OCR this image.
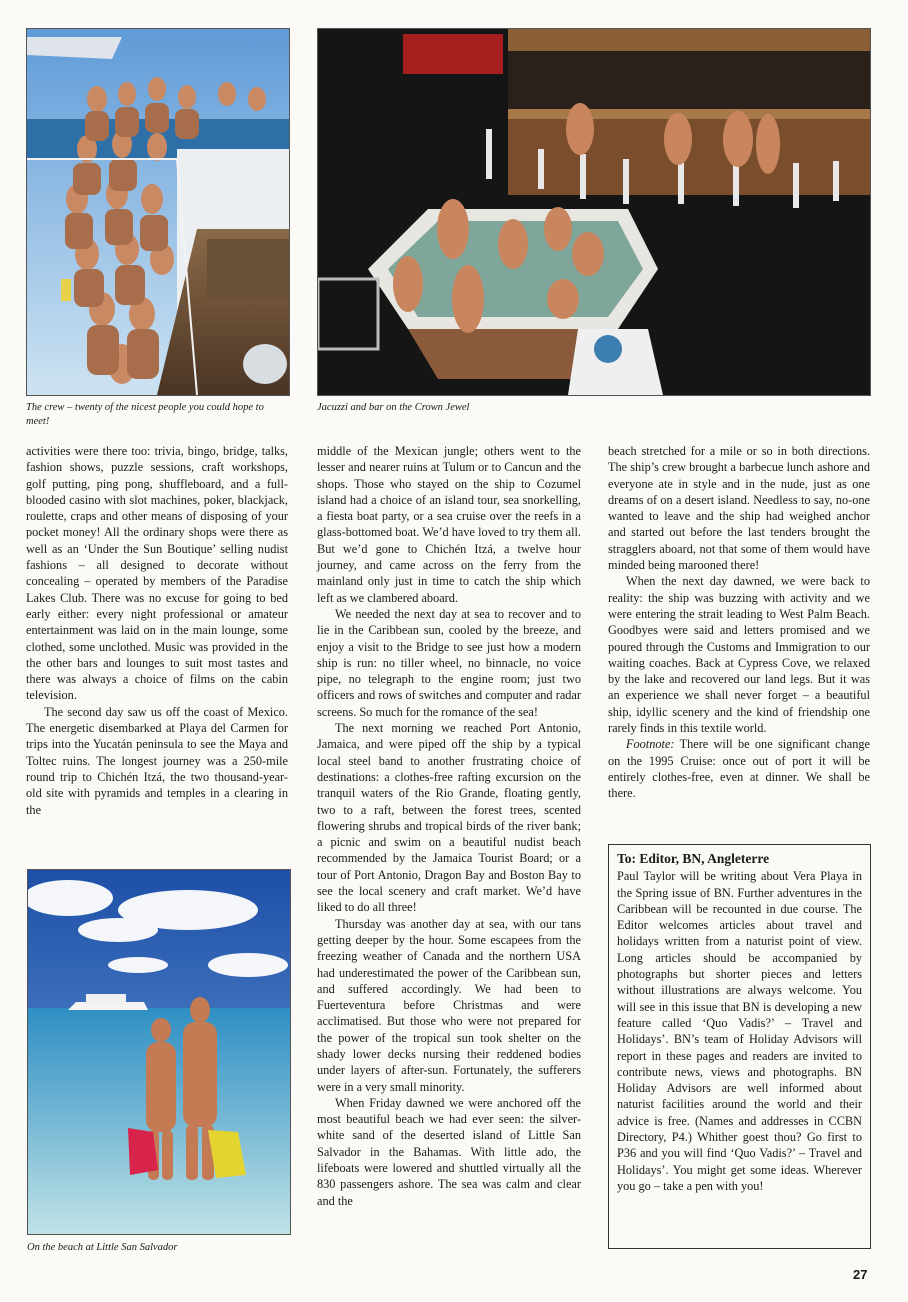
The crew – twenty of the nicest people you could hope to meet!
Jacuzzi and bar on the Crown Jewel
On the beach at Little San Salvador

activities were there too: trivia, bingo, bridge, talks, fashion shows, puzzle sessions, craft workshops, golf putting, ping pong, shuffleboard, and a full-blooded casino with slot machines, poker, blackjack, roulette, craps and other means of disposing of your pocket money! All the ordinary shops were there as well as an ‘Under the Sun Boutique’ selling nudist fashions – all designed to decorate without concealing – operated by members of the Paradise Lakes Club. There was no excuse for going to bed early either: every night professional or amateur entertainment was laid on in the main lounge, some clothed, some unclothed. Music was provided in the the other bars and lounges to suit most tastes and there was always a choice of films on the cabin television.

The second day saw us off the coast of Mexico. The energetic disembarked at Playa del Carmen for trips into the Yucatán peninsula to see the Maya and Toltec ruins. The longest journey was a 250-mile round trip to Chichén Itzá, the two thousand-year-old site with pyramids and temples in a clearing in the

middle of the Mexican jungle; others went to the lesser and nearer ruins at Tulum or to Cancun and the shops. Those who stayed on the ship to Cozumel island had a choice of an island tour, sea snorkelling, a fiesta boat party, or a sea cruise over the reefs in a glass-bottomed boat. We’d have loved to try them all. But we’d gone to Chichén Itzá, a twelve hour journey, and came across on the ferry from the mainland only just in time to catch the ship which left as we clambered aboard.

We needed the next day at sea to recover and to lie in the Caribbean sun, cooled by the breeze, and enjoy a visit to the Bridge to see just how a modern ship is run: no tiller wheel, no binnacle, no voice pipe, no telegraph to the engine room; just two officers and rows of switches and computer and radar screens. So much for the romance of the sea!

The next morning we reached Port Antonio, Jamaica, and were piped off the ship by a typical local steel band to another frustrating choice of destinations: a clothes-free rafting excursion on the tranquil waters of the Rio Grande, floating gently, two to a raft, between the forest trees, scented flowering shrubs and tropical birds of the river bank; a picnic and swim on a beautiful nudist beach recommended by the Jamaica Tourist Board; or a tour of Port Antonio, Dragon Bay and Boston Bay to see the local scenery and craft market. We’d have liked to do all three!

Thursday was another day at sea, with our tans getting deeper by the hour. Some escapees from the freezing weather of Canada and the northern USA had underestimated the power of the Caribbean sun, and suffered accordingly. We had been to Fuerteventura before Christmas and were acclimatised. But those who were not prepared for the power of the tropical sun took shelter on the shady lower decks nursing their reddened bodies under layers of after-sun. Fortunately, the sufferers were in a very small minority.

When Friday dawned we were anchored off the most beautiful beach we had ever seen: the silver-white sand of the deserted island of Little San Salvador in the Bahamas. With little ado, the lifeboats were lowered and shuttled virtually all the 830 passengers ashore. The sea was calm and clear and the

beach stretched for a mile or so in both directions. The ship’s crew brought a barbecue lunch ashore and everyone ate in style and in the nude, just as one dreams of on a desert island. Needless to say, no-one wanted to leave and the ship had weighed anchor and started out before the last tenders brought the stragglers aboard, not that some of them would have minded being marooned there!

When the next day dawned, we were back to reality: the ship was buzzing with activity and we were entering the strait leading to West Palm Beach. Goodbyes were said and letters promised and we poured through the Customs and Immigration to our waiting coaches. Back at Cypress Cove, we relaxed by the lake and recovered our land legs. But it was an experience we shall never forget – a beautiful ship, idyllic scenery and the kind of friendship one rarely finds in this textile world.

Footnote: There will be one significant change on the 1995 Cruise: once out of port it will be entirely clothes-free, even at dinner. We shall be there.

To: Editor, BN, Angleterre
Paul Taylor will be writing about Vera Playa in the Spring issue of BN. Further adventures in the Caribbean will be recounted in due course. The Editor welcomes articles about travel and holidays written from a naturist point of view. Long articles should be accompanied by photographs but shorter pieces and letters without illustrations are always welcome. You will see in this issue that BN is developing a new feature called ‘Quo Vadis?’ – Travel and Holidays’. BN’s team of Holiday Advisors will report in these pages and readers are invited to contribute news, views and photographs. BN Holiday Advisors are well informed about naturist facilities around the world and their advice is free. (Names and addresses in CCBN Directory, P4.) Whither goest thou? Go first to P36 and you will find ‘Quo Vadis?’ – Travel and Holidays’. You might get some ideas. Wherever you go – take a pen with you!
27
